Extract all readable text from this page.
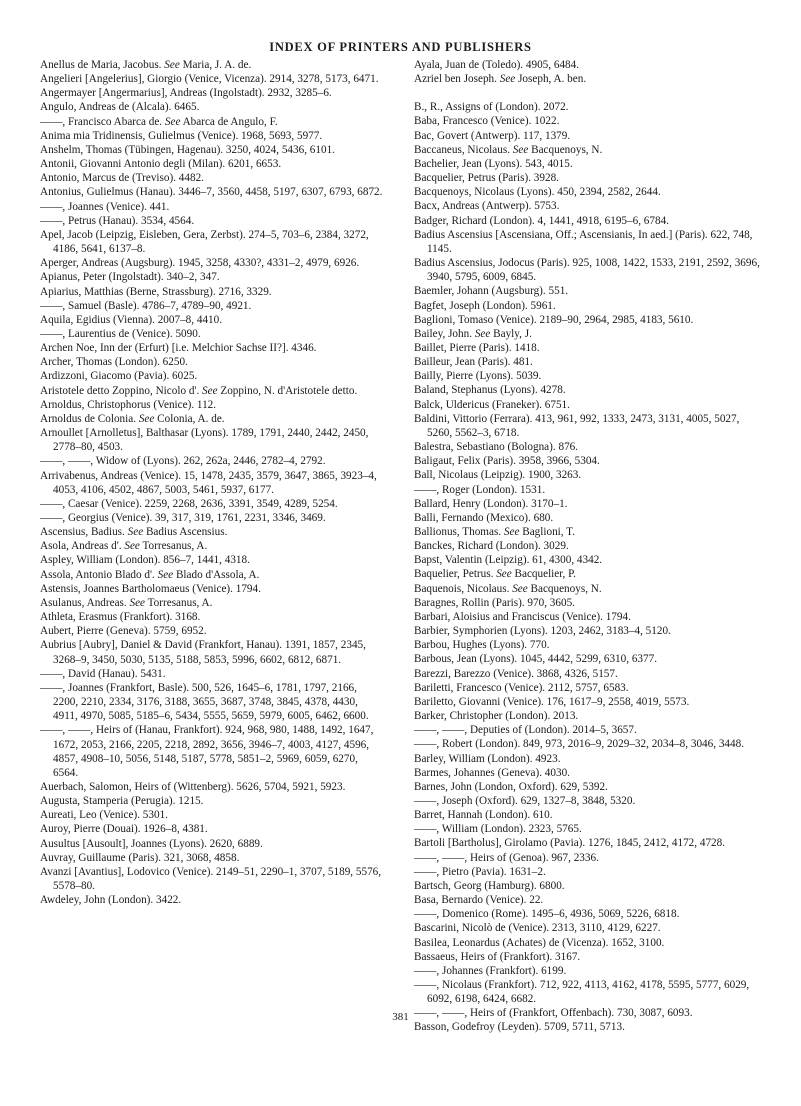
INDEX OF PRINTERS AND PUBLISHERS

Anellus de Maria, Jacobus. See Maria, J. A. de.

Angelieri [Angelerius], Giorgio (Venice, Vicenza). 2914, 3278, 5173, 6471.

Angermayer [Angermarius], Andreas (Ingolstadt). 2932, 3285–6.

Angulo, Andreas de (Alcala). 6465.

——, Francisco Abarca de. See Abarca de Angulo, F.

Anima mia Tridinensis, Gulielmus (Venice). 1968, 5693, 5977.

Anshelm, Thomas (Tübingen, Hagenau). 3250, 4024, 5436, 6101.

Antonii, Giovanni Antonio degli (Milan). 6201, 6653.

Antonio, Marcus de (Treviso). 4482.

Antonius, Gulielmus (Hanau). 3446–7, 3560, 4458, 5197, 6307, 6793, 6872.

——, Joannes (Venice). 441.

——, Petrus (Hanau). 3534, 4564.

Apel, Jacob (Leipzig, Eisleben, Gera, Zerbst). 274–5, 703–6, 2384, 3272, 4186, 5641, 6137–8.

Aperger, Andreas (Augsburg). 1945, 3258, 4330?, 4331–2, 4979, 6926.

Apianus, Peter (Ingolstadt). 340–2, 347.

Apiarius, Matthias (Berne, Strassburg). 2716, 3329.

——, Samuel (Basle). 4786–7, 4789–90, 4921.

Aquila, Egidius (Vienna). 2007–8, 4410.

——, Laurentius de (Venice). 5090.

Archen Noe, Inn der (Erfurt) [i.e. Melchior Sachse II?]. 4346.

Archer, Thomas (London). 6250.

Ardizzoni, Giacomo (Pavia). 6025.

Aristotele detto Zoppino, Nicolo d'. See Zoppino, N. d'Aristotele detto.

Arnoldus, Christophorus (Venice). 112.

Arnoldus de Colonia. See Colonia, A. de.

Arnoullet [Arnolletus], Balthasar (Lyons). 1789, 1791, 2440, 2442, 2450, 2778–80, 4503.

——, ——, Widow of (Lyons). 262, 262a, 2446, 2782–4, 2792.

Arrivabenus, Andreas (Venice). 15, 1478, 2435, 3579, 3647, 3865, 3923–4, 4053, 4106, 4502, 4867, 5003, 5461, 5937, 6177.

——, Caesar (Venice). 2259, 2268, 2636, 3391, 3549, 4289, 5254.

——, Georgius (Venice). 39, 317, 319, 1761, 2231, 3346, 3469.

Ascensius, Badius. See Badius Ascensius.

Asola, Andreas d'. See Torresanus, A.

Aspley, William (London). 856–7, 1441, 4318.

Assola, Antonio Blado d'. See Blado d'Assola, A.

Astensis, Joannes Bartholomaeus (Venice). 1794.

Asulanus, Andreas. See Torresanus, A.

Athleta, Erasmus (Frankfort). 3168.

Aubert, Pierre (Geneva). 5759, 6952.

Aubrius [Aubry], Daniel & David (Frankfort, Hanau). 1391, 1857, 2345, 3268–9, 3450, 5030, 5135, 5188, 5853, 5996, 6602, 6812, 6871.

——, David (Hanau). 5431.

——, Joannes (Frankfort, Basle). 500, 526, 1645–6, 1781, 1797, 2166, 2200, 2210, 2334, 3176, 3188, 3655, 3687, 3748, 3845, 4378, 4430, 4911, 4970, 5085, 5185–6, 5434, 5555, 5659, 5979, 6005, 6462, 6600.

——, ——, Heirs of (Hanau, Frankfort). 924, 968, 980, 1488, 1492, 1647, 1672, 2053, 2166, 2205, 2218, 2892, 3656, 3946–7, 4003, 4127, 4596, 4857, 4908–10, 5056, 5148, 5187, 5778, 5851–2, 5969, 6059, 6270, 6564.

Auerbach, Salomon, Heirs of (Wittenberg). 5626, 5704, 5921, 5923.

Augusta, Stamperia (Perugia). 1215.

Aureati, Leo (Venice). 5301.

Auroy, Pierre (Douai). 1926–8, 4381.

Ausultus [Ausoult], Joannes (Lyons). 2620, 6889.

Auvray, Guillaume (Paris). 321, 3068, 4858.

Avanzi [Avantius], Lodovico (Venice). 2149–51, 2290–1, 3707, 5189, 5576, 5578–80.

Awdeley, John (London). 3422.

Ayala, Juan de (Toledo). 4905, 6484.

Azriel ben Joseph. See Joseph, A. ben.

B., R., Assigns of (London). 2072.

Baba, Francesco (Venice). 1022.

Bac, Govert (Antwerp). 117, 1379.

Baccaneus, Nicolaus. See Bacquenoys, N.

Bachelier, Jean (Lyons). 543, 4015.

Bacquelier, Petrus (Paris). 3928.

Bacquenoys, Nicolaus (Lyons). 450, 2394, 2582, 2644.

Bacx, Andreas (Antwerp). 5753.

Badger, Richard (London). 4, 1441, 4918, 6195–6, 6784.

Badius Ascensius [Ascensiana, Off.; Ascensianis, In aed.] (Paris). 622, 748, 1145.

Badius Ascensius, Jodocus (Paris). 925, 1008, 1422, 1533, 2191, 2592, 3696, 3940, 5795, 6009, 6845.

Baemler, Johann (Augsburg). 551.

Bagfet, Joseph (London). 5961.

Baglioni, Tomaso (Venice). 2189–90, 2964, 2985, 4183, 5610.

Bailey, John. See Bayly, J.

Baillet, Pierre (Paris). 1418.

Bailleur, Jean (Paris). 481.

Bailly, Pierre (Lyons). 5039.

Baland, Stephanus (Lyons). 4278.

Balck, Uldericus (Franeker). 6751.

Baldini, Vittorio (Ferrara). 413, 961, 992, 1333, 2473, 3131, 4005, 5027, 5260, 5562–3, 6718.

Balestra, Sebastiano (Bologna). 876.

Baligaut, Felix (Paris). 3958, 3966, 5304.

Ball, Nicolaus (Leipzig). 1900, 3263.

——, Roger (London). 1531.

Ballard, Henry (London). 3170–1.

Balli, Fernando (Mexico). 680.

Ballionus, Thomas. See Baglioni, T.

Banckes, Richard (London). 3029.

Bapst, Valentin (Leipzig). 61, 4300, 4342.

Baquelier, Petrus. See Bacquelier, P.

Baquenois, Nicolaus. See Bacquenoys, N.

Baragnes, Rollin (Paris). 970, 3605.

Barbari, Aloisius and Franciscus (Venice). 1794.

Barbier, Symphorien (Lyons). 1203, 2462, 3183–4, 5120.

Barbou, Hughes (Lyons). 770.

Barbous, Jean (Lyons). 1045, 4442, 5299, 6310, 6377.

Barezzi, Barezzo (Venice). 3868, 4326, 5157.

Bariletti, Francesco (Venice). 2112, 5757, 6583.

Bariletto, Giovanni (Venice). 176, 1617–9, 2558, 4019, 5573.

Barker, Christopher (London). 2013.

——, ——, Deputies of (London). 2014–5, 3657.

——, Robert (London). 849, 973, 2016–9, 2029–32, 2034–8, 3046, 3448.

Barley, William (London). 4923.

Barmes, Johannes (Geneva). 4030.

Barnes, John (London, Oxford). 629, 5392.

——, Joseph (Oxford). 629, 1327–8, 3848, 5320.

Barret, Hannah (London). 610.

——, William (London). 2323, 5765.

Bartoli [Bartholus], Girolamo (Pavia). 1276, 1845, 2412, 4172, 4728.

——, ——, Heirs of (Genoa). 967, 2336.

——, Pietro (Pavia). 1631–2.

Bartsch, Georg (Hamburg). 6800.

Basa, Bernardo (Venice). 22.

——, Domenico (Rome). 1495–6, 4936, 5069, 5226, 6818.

Bascarini, Nicolò de (Venice). 2313, 3110, 4129, 6227.

Basilea, Leonardus (Achates) de (Vicenza). 1652, 3100.

Bassaeus, Heirs of (Frankfort). 3167.

——, Johannes (Frankfort). 6199.

——, Nicolaus (Frankfort). 712, 922, 4113, 4162, 4178, 5595, 5777, 6029, 6092, 6198, 6424, 6682.

——, ——, Heirs of (Frankfort, Offenbach). 730, 3087, 6093.

Basson, Godefroy (Leyden). 5709, 5711, 5713.

381
